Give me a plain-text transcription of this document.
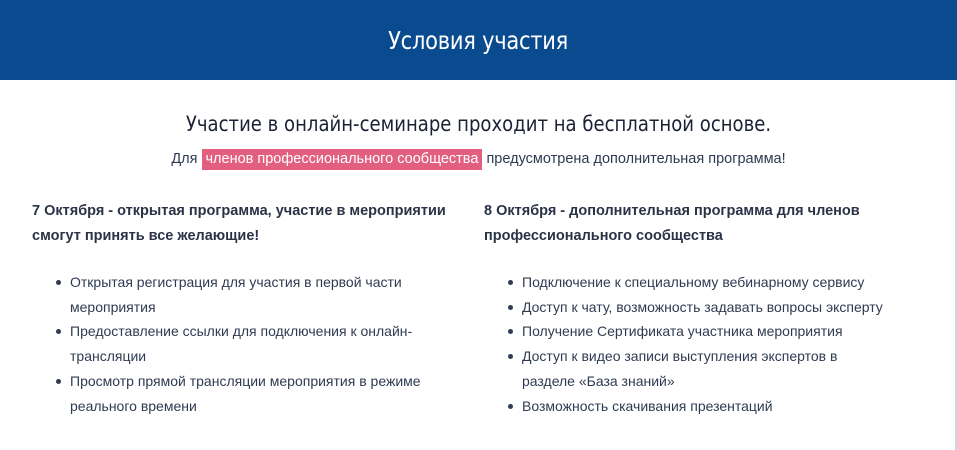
Условия участия

Участие в онлайн-семинаре проходит на бесплатной основе.

Для членов профессионального сообщества предусмотрена дополнительная программа!

7 Октября - открытая программа, участие в мероприятии смогут принять все желающие!
Открытая регистрация для участия в первой части мероприятия
Предоставление ссылки для подключения к онлайн-трансляции
Просмотр прямой трансляции мероприятия в режиме реального времени
8 Октября - дополнительная программа для членов профессионального сообщества
Подключение к специальному вебинарному сервису
Доступ к чату, возможность задавать вопросы эксперту
Получение Сертификата участника мероприятия
Доступ к видео записи выступления экспертов в разделе «База знаний»
Возможность скачивания презентаций
